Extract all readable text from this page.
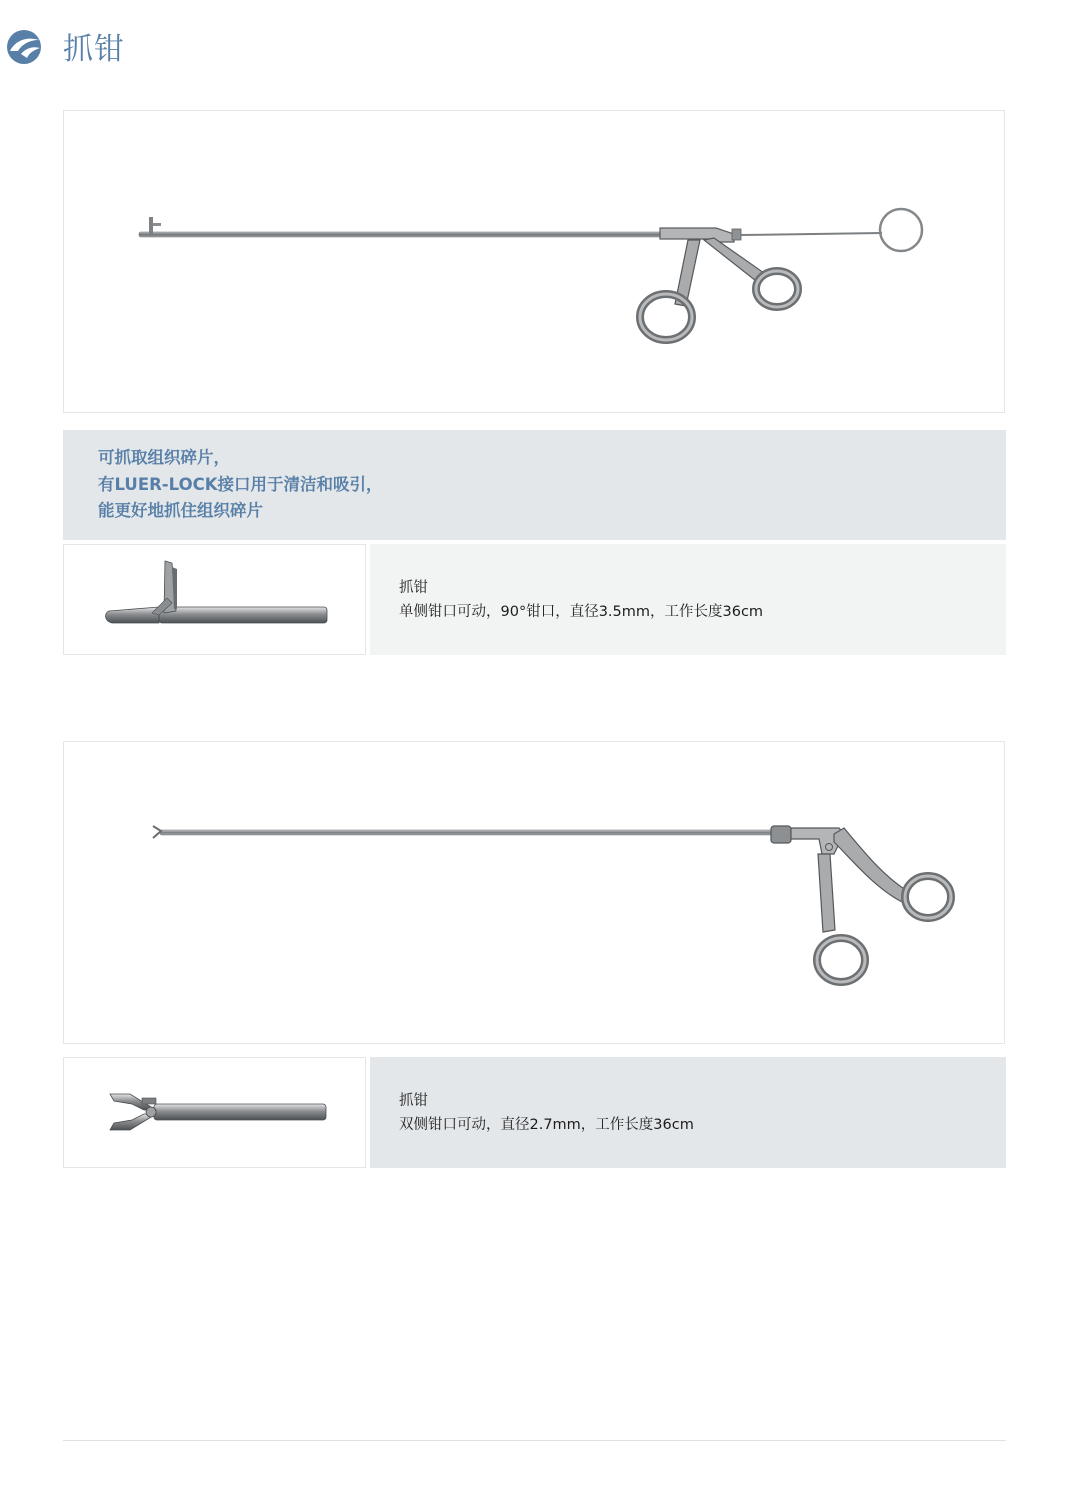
抓钳
可抓取组织碎片，
有LUER-LOCK接口用于清洁和吸引，
能更好地抓住组织碎片
抓钳
单侧钳口可动，90°钳口，直径3.5mm，工作长度36cm
抓钳
双侧钳口可动，直径2.7mm，工作长度36cm
